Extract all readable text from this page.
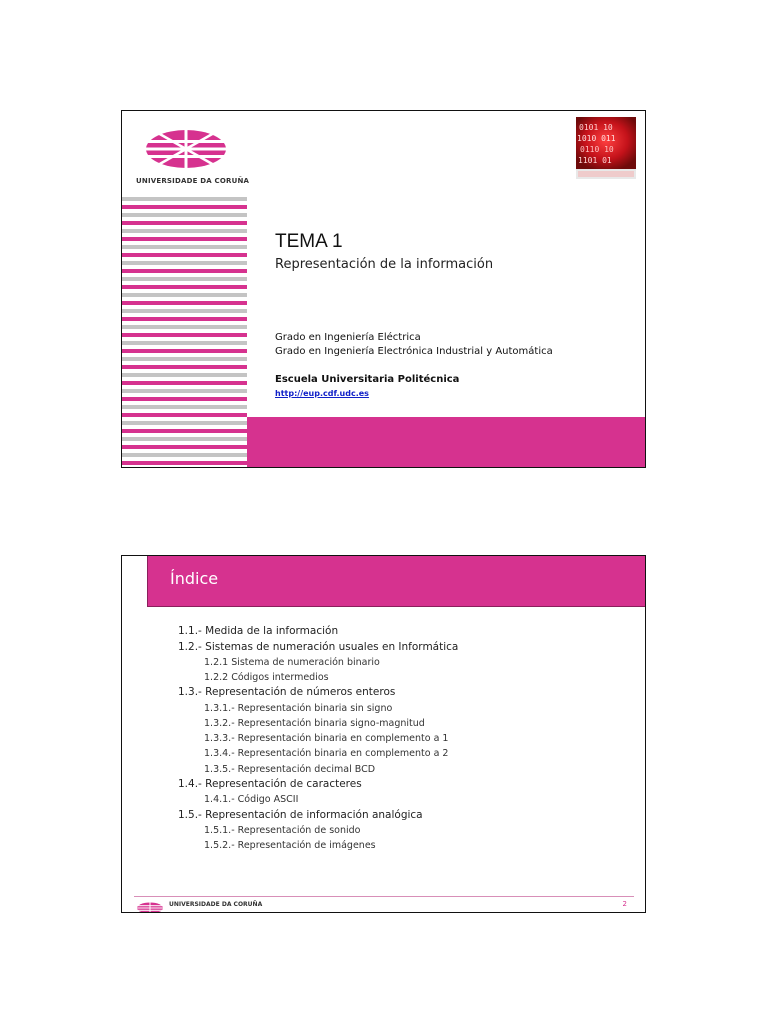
UNIVERSIDADE DA CORUÑA
0101 10
1010 011
0110 10
1101 01
TEMA 1
Representación de la información
Grado en Ingeniería Eléctrica
Grado en Ingeniería Electrónica Industrial y Automática
Escuela Universitaria Politécnica
http://eup.cdf.udc.es
Índice
1.1.- Medida de la información
1.2.- Sistemas de numeración usuales en Informática
1.2.1 Sistema de numeración binario
1.2.2 Códigos intermedios
1.3.- Representación de números enteros
1.3.1.- Representación binaria sin signo
1.3.2.- Representación binaria signo-magnitud
1.3.3.- Representación binaria en complemento a 1
1.3.4.- Representación binaria en complemento a 2
1.3.5.- Representación decimal BCD
1.4.- Representación de caracteres
1.4.1.- Código ASCII
1.5.- Representación de información analógica
1.5.1.- Representación de sonido
1.5.2.- Representación de imágenes
UNIVERSIDADE DA CORUÑA	2
